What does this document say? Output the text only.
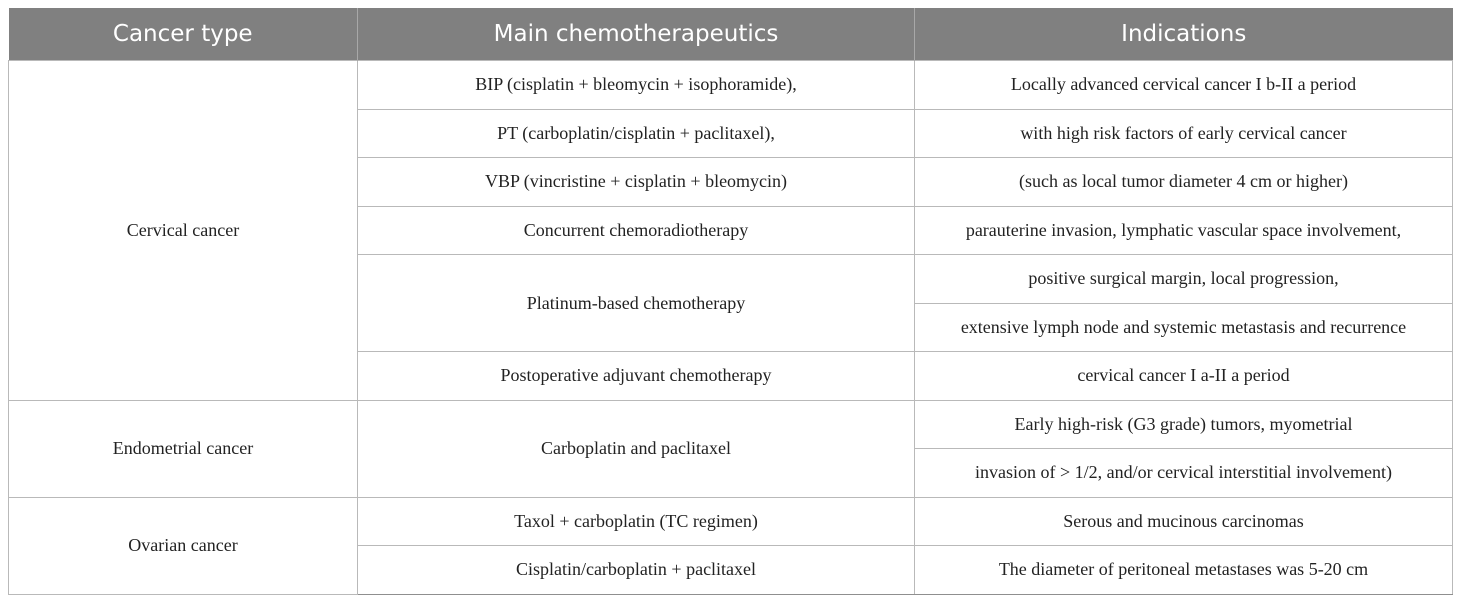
Cancer type	Main chemotherapeutics	Indications
Cervical cancer	BIP (cisplatin + bleomycin + isophoramide),	Locally advanced cervical cancer I b-II a period
	PT (carboplatin/cisplatin + paclitaxel),	with high risk factors of early cervical cancer
	VBP (vincristine + cisplatin + bleomycin)	(such as local tumor diameter 4 cm or higher)
	Concurrent chemoradiotherapy	parauterine invasion, lymphatic vascular space involvement,
	Platinum-based chemotherapy	positive surgical margin, local progression,
		extensive lymph node and systemic metastasis and recurrence
	Postoperative adjuvant chemotherapy	cervical cancer I a-II a period
Endometrial cancer	Carboplatin and paclitaxel	Early high-risk (G3 grade) tumors, myometrial
		invasion of > 1/2, and/or cervical interstitial involvement)
Ovarian cancer	Taxol + carboplatin (TC regimen)	Serous and mucinous carcinomas
	Cisplatin/carboplatin + paclitaxel	The diameter of peritoneal metastases was 5-20 cm
